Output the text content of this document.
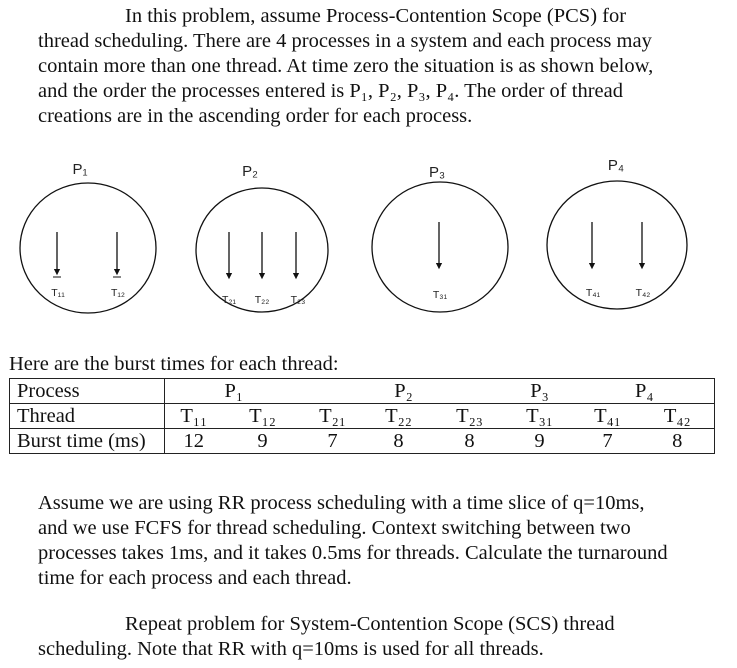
In this problem, assume Process-Contention Scope (PCS) for
thread scheduling. There are 4 processes in a system and each process may
contain more than one thread. At time zero the situation is as shown below,
and the order the processes entered is P₁, P₂, P₃, P₄. The order of thread
creations are in the ascending order for each process.
P₁	P₂	P₃	P₄
T₁₁	T₁₂
T₂₁ T₂₂ T₂₃	T₃₁	T₄₁	T₄₂
Here are the burst times for each thread:
Process	P₁		P₂			P₃	P₄	
Thread	T₁₁	T₁₂	T₂₁	T₂₂	T₂₃	T₃₁	T₄₁	T₄₂
Burst time (ms)	12	9	7	8	8	9	7	8
Assume we are using RR process scheduling with a time slice of q=10ms,
and we use FCFS for thread scheduling. Context switching between two
processes takes 1ms, and it takes 0.5ms for threads. Calculate the turnaround
time for each process and each thread.
Repeat problem for System-Contention Scope (SCS) thread
scheduling. Note that RR with q=10ms is used for all threads.
